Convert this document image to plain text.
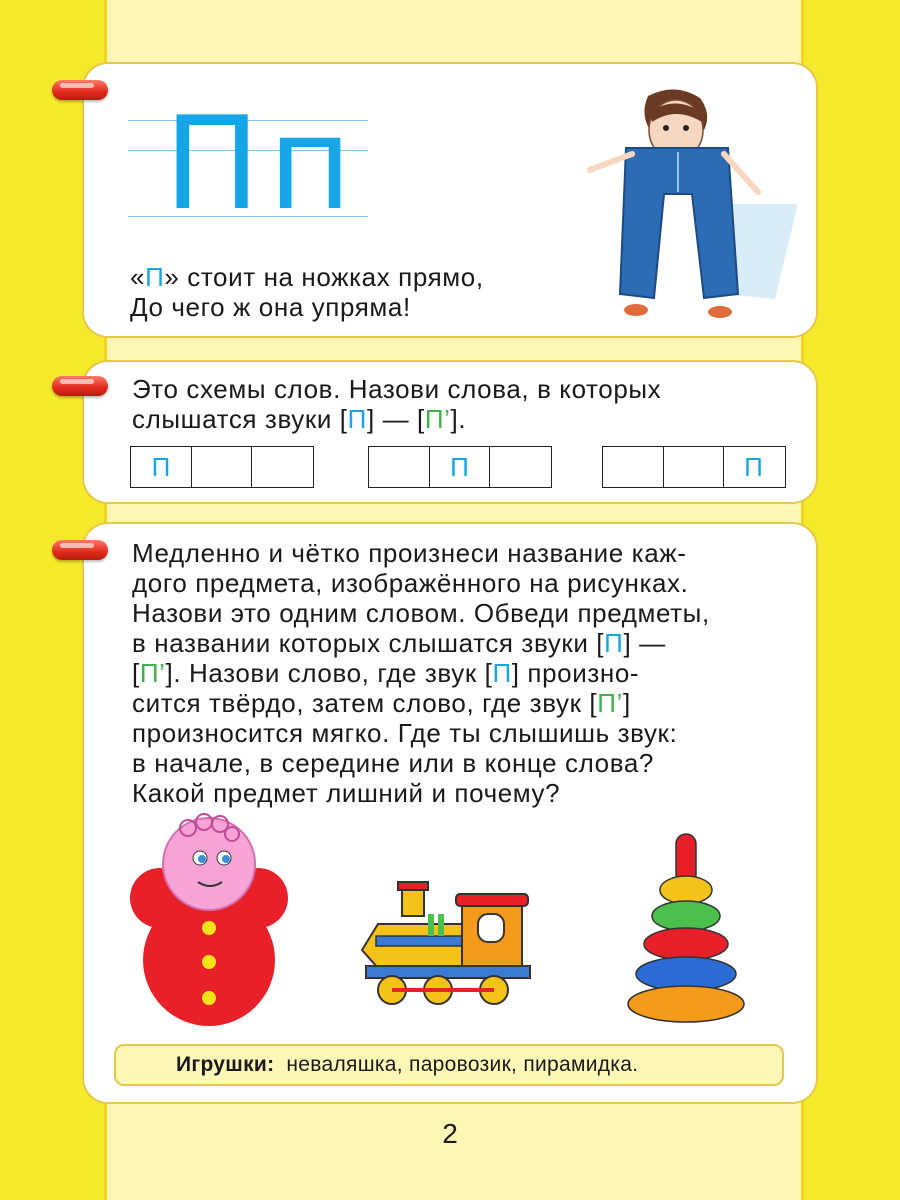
Пп
«П» стоит на ножках прямо,
До чего ж она упряма!
Это схемы слов. Назови слова, в которых
слышатся звуки [П] — [П’].
П	П	П
Медленно и чётко произнеси название каж-
дого предмета, изображённого на рисунках.
Назови это одним словом. Обведи предметы,
в названии которых слышатся звуки [П] —
[П’]. Назови слово, где звук [П] произно-
сится твёрдо, затем слово, где звук [П’]
произносится мягко. Где ты слышишь звук:
в начале, в середине или в конце слова?
Какой предмет лишний и почему?
Игрушки: неваляшка, паровозик, пирамидка.
2
